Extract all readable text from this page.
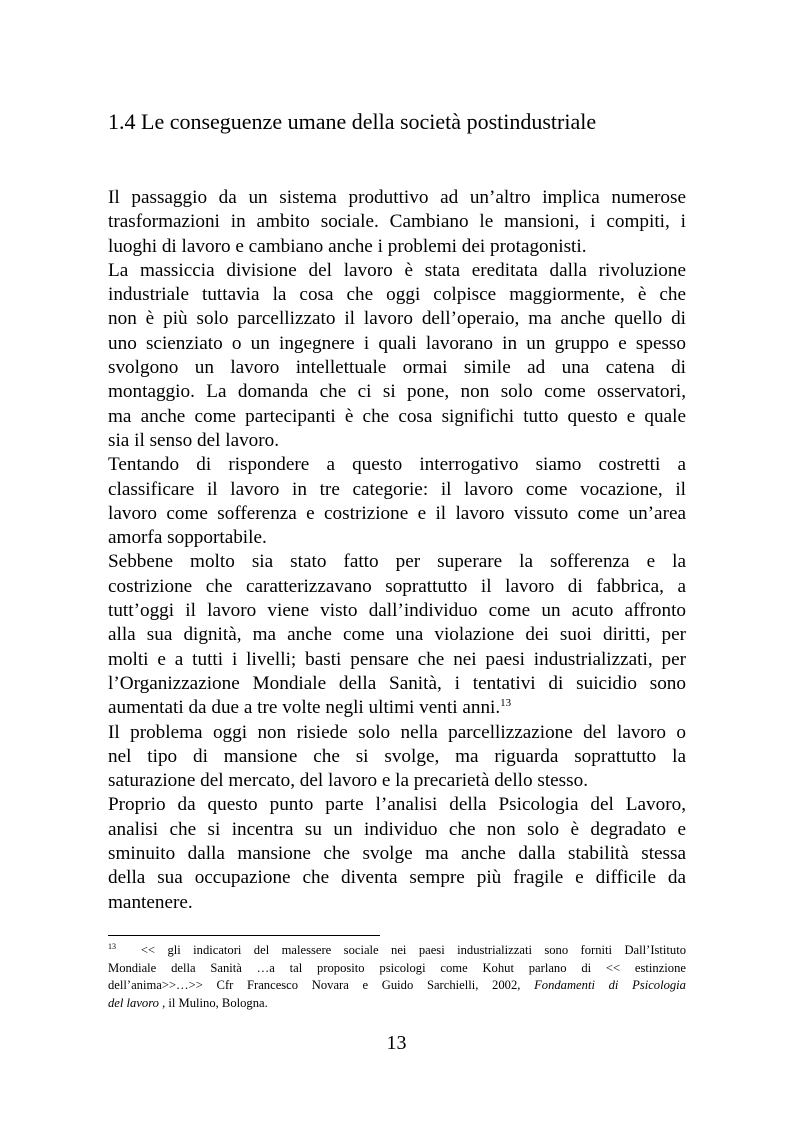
1.4 Le conseguenze umane della società postindustriale
Il passaggio da un sistema produttivo ad un’altro implica numerose
trasformazioni in ambito sociale. Cambiano le mansioni, i compiti, i
luoghi di lavoro e cambiano anche i problemi dei protagonisti.
La massiccia divisione del lavoro è stata ereditata dalla rivoluzione
industriale tuttavia la cosa che oggi colpisce maggiormente, è che
non è più solo parcellizzato il lavoro dell’operaio, ma anche quello di
uno scienziato o un ingegnere i quali lavorano in un gruppo e spesso
svolgono un lavoro intellettuale ormai simile ad una catena di
montaggio. La domanda che ci si pone, non solo come osservatori,
ma anche come partecipanti è che cosa significhi tutto questo e quale
sia il senso del lavoro.
Tentando di rispondere a questo interrogativo siamo costretti a
classificare il lavoro in tre categorie: il lavoro come vocazione, il
lavoro come sofferenza e costrizione e il lavoro vissuto come un’area
amorfa sopportabile.
Sebbene molto sia stato fatto per superare la sofferenza e la
costrizione che caratterizzavano soprattutto il lavoro di fabbrica, a
tutt’oggi il lavoro viene visto dall’individuo come un acuto affronto
alla sua dignità, ma anche come una violazione dei suoi diritti, per
molti e a tutti i livelli; basti pensare che nei paesi industrializzati, per
l’Organizzazione Mondiale della Sanità, i tentativi di suicidio sono
aumentati da due a tre volte negli ultimi venti anni.$^{13}$
Il problema oggi non risiede solo nella parcellizzazione del lavoro o
nel tipo di mansione che si svolge, ma riguarda soprattutto la
saturazione del mercato, del lavoro e la precarietà dello stesso.
Proprio da questo punto parte l’analisi della Psicologia del Lavoro,
analisi che si incentra su un individuo che non solo è degradato e
sminuito dalla mansione che svolge ma anche dalla stabilità stessa
della sua occupazione che diventa sempre più fragile e difficile da
mantenere.
$^{13}$ << gli indicatori del malessere sociale nei paesi industrializzati sono forniti Dall’Istituto
Mondiale della Sanità …a tal proposito psicologi come Kohut parlano di << estinzione
dell’anima>>…>> Cfr Francesco Novara e Guido Sarchielli, 2002, Fondamenti di Psicologia
del lavoro , il Mulino, Bologna.
13
